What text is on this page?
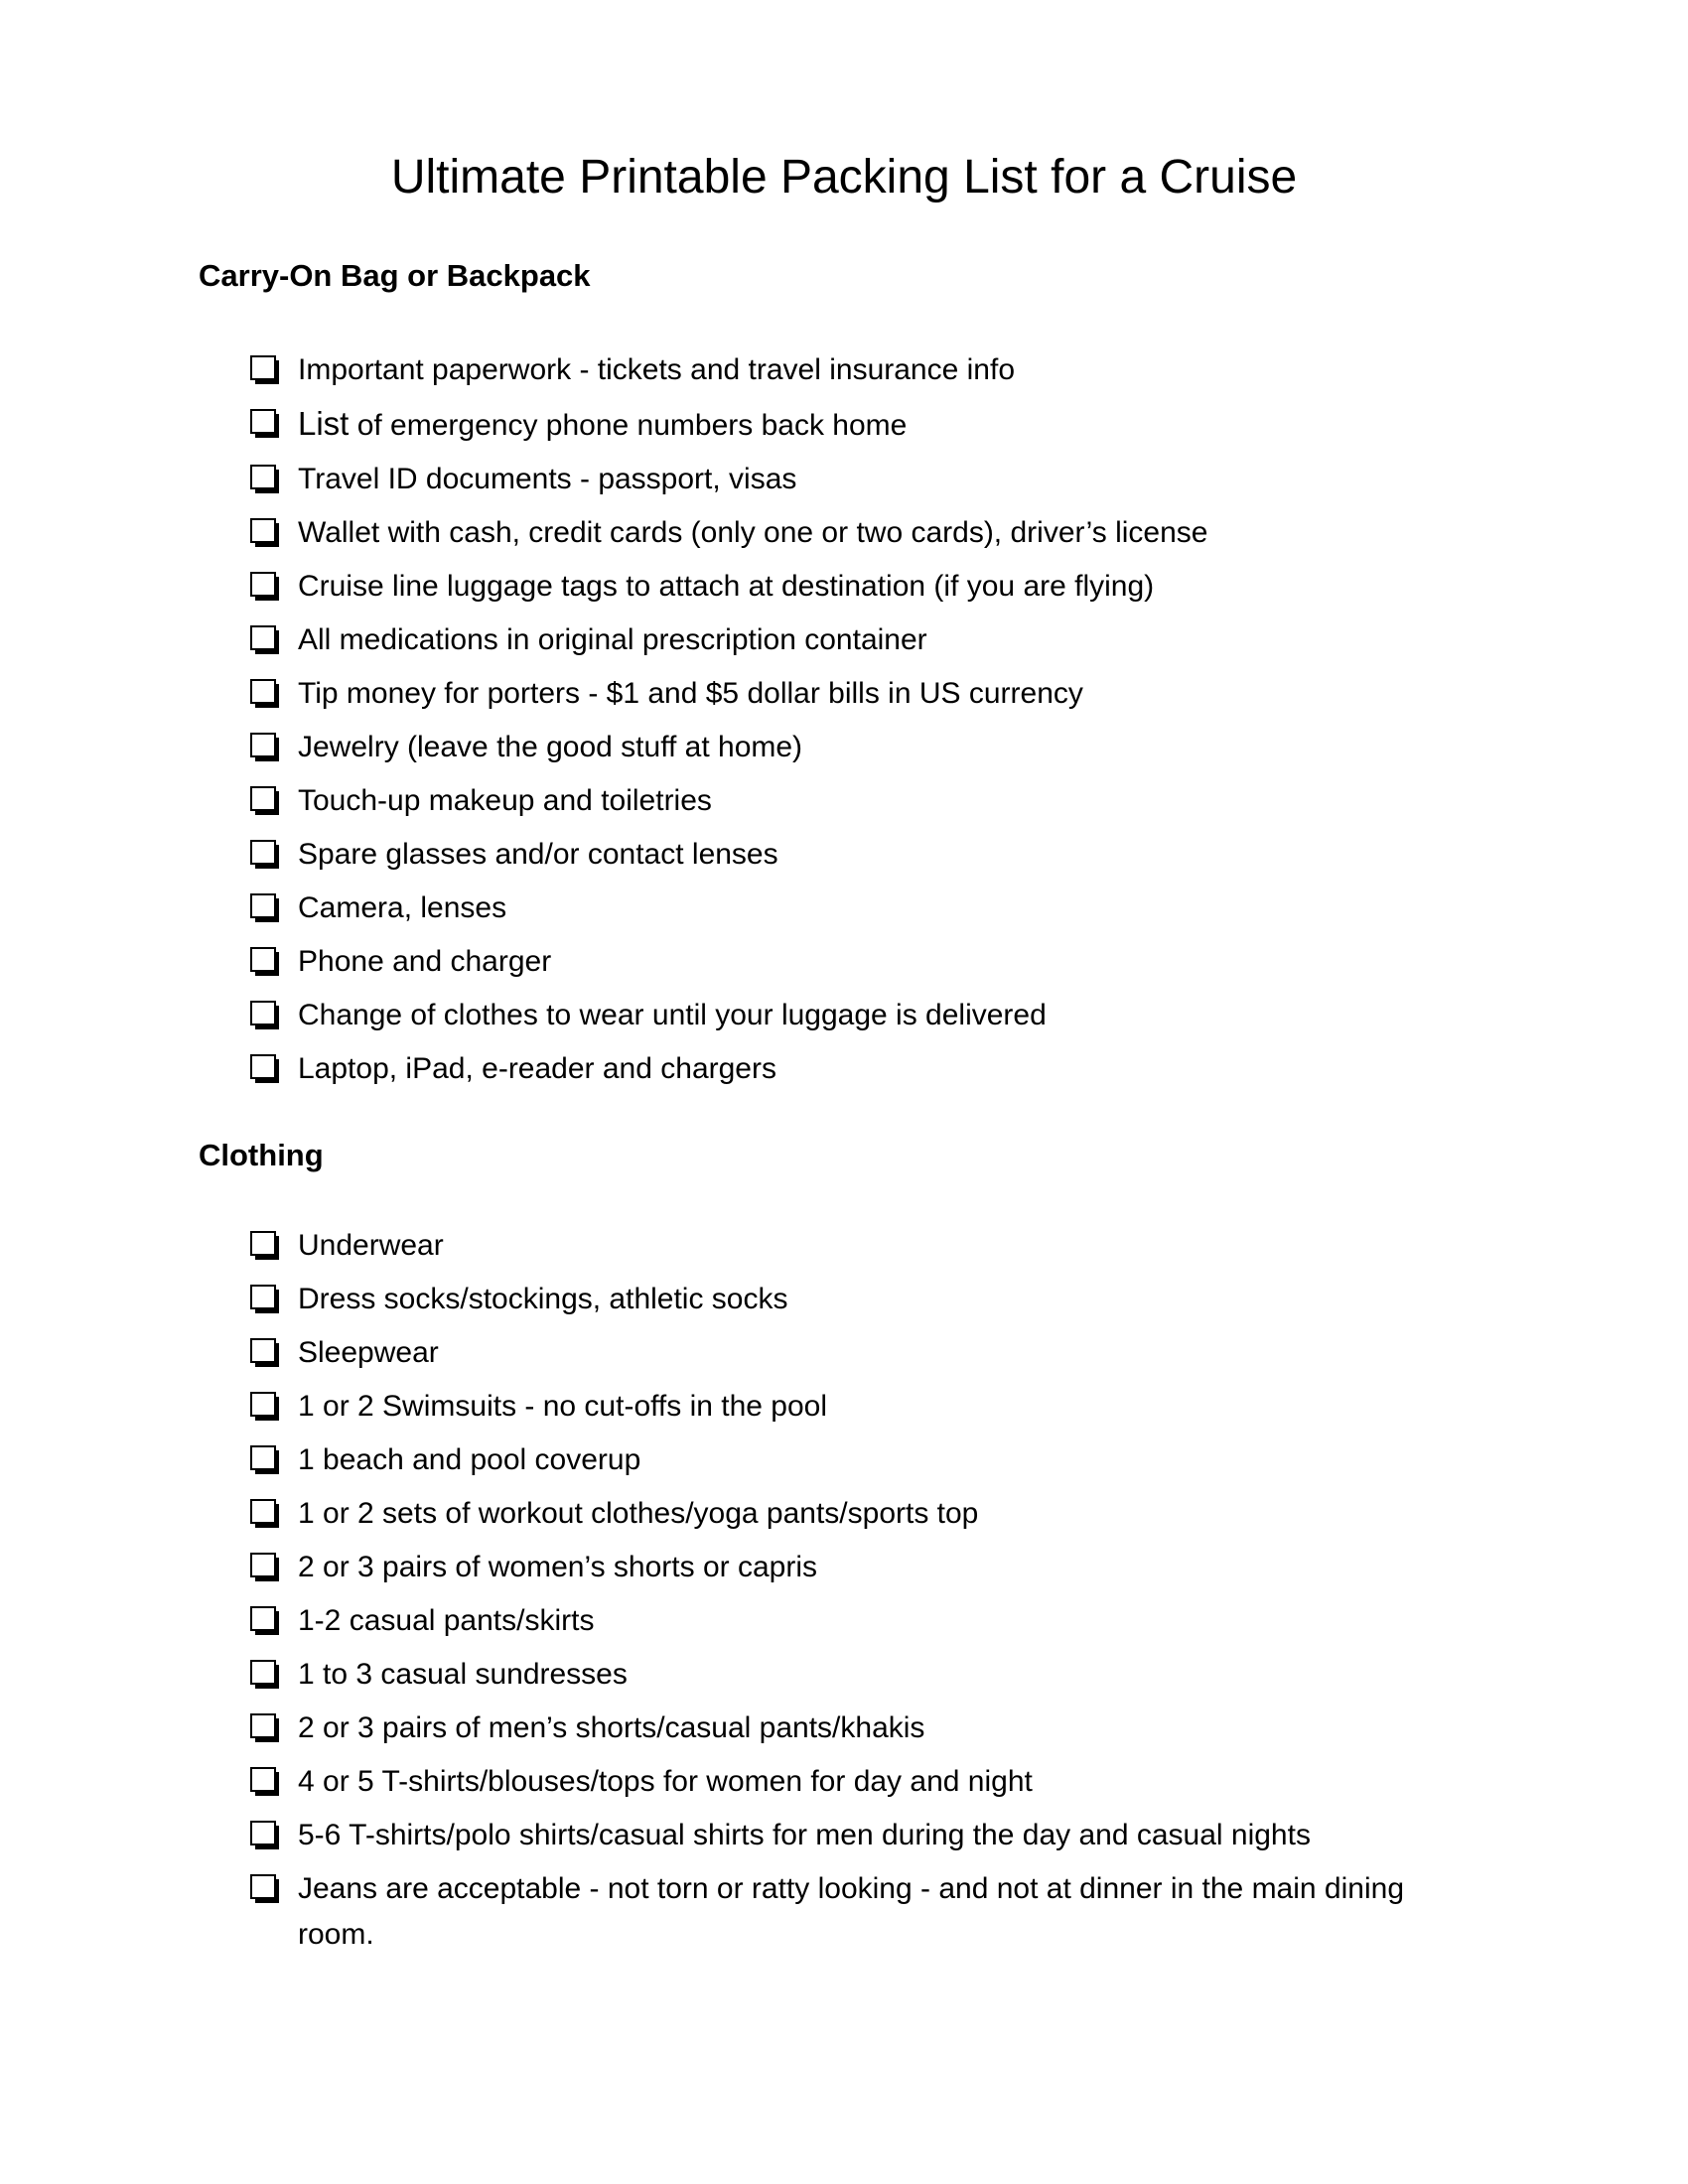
Ultimate Printable Packing List for a Cruise
Carry-On Bag or Backpack
Important paperwork - tickets and travel insurance info
List of emergency phone numbers back home
Travel ID documents - passport, visas
Wallet with cash, credit cards (only one or two cards), driver’s license
Cruise line luggage tags to attach at destination (if you are flying)
All medications in original prescription container
Tip money for porters - $1 and $5 dollar bills in US currency
Jewelry (leave the good stuff at home)
Touch-up makeup and toiletries
Spare glasses and/or contact lenses
Camera, lenses
Phone and charger
Change of clothes to wear until your luggage is delivered
Laptop, iPad, e-reader and chargers
Clothing
Underwear
Dress socks/stockings, athletic socks
Sleepwear
1 or 2 Swimsuits - no cut-offs in the pool
1 beach and pool coverup
1 or 2 sets of workout clothes/yoga pants/sports top
2 or 3 pairs of women’s shorts or capris
1-2 casual pants/skirts
1 to 3 casual sundresses
2 or 3 pairs of men’s shorts/casual pants/khakis
4 or 5 T-shirts/blouses/tops for women for day and night
5-6 T-shirts/polo shirts/casual shirts for men during the day and casual nights
Jeans are acceptable - not torn or ratty looking - and not at dinner in the main dining room.
